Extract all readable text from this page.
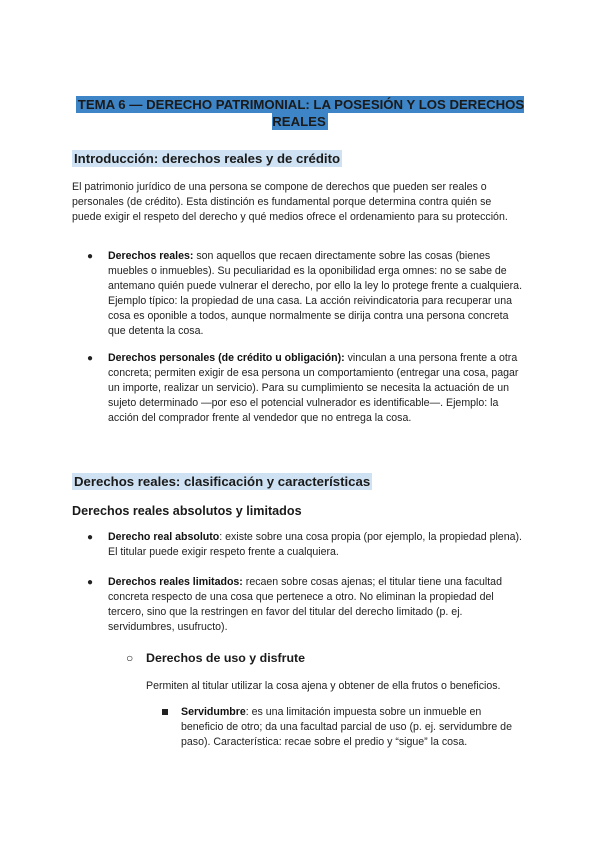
TEMA 6 — DERECHO PATRIMONIAL: LA POSESIÓN Y LOS DERECHOS REALES
Introducción: derechos reales y de crédito
El patrimonio jurídico de una persona se compone de derechos que pueden ser reales o personales (de crédito). Esta distinción es fundamental porque determina contra quién se puede exigir el respeto del derecho y qué medios ofrece el ordenamiento para su protección.
● Derechos reales: son aquellos que recaen directamente sobre las cosas (bienes muebles o inmuebles). Su peculiaridad es la oponibilidad erga omnes: no se sabe de antemano quién puede vulnerar el derecho, por ello la ley lo protege frente a cualquiera. Ejemplo típico: la propiedad de una casa. La acción reivindicatoria para recuperar una cosa es oponible a todos, aunque normalmente se dirija contra una persona concreta que detenta la cosa.
● Derechos personales (de crédito u obligación): vinculan a una persona frente a otra concreta; permiten exigir de esa persona un comportamiento (entregar una cosa, pagar un importe, realizar un servicio). Para su cumplimiento se necesita la actuación de un sujeto determinado —por eso el potencial vulnerador es identificable—. Ejemplo: la acción del comprador frente al vendedor que no entrega la cosa.
Derechos reales: clasificación y características
Derechos reales absolutos y limitados
● Derecho real absoluto: existe sobre una cosa propia (por ejemplo, la propiedad plena). El titular puede exigir respeto frente a cualquiera.
● Derechos reales limitados: recaen sobre cosas ajenas; el titular tiene una facultad concreta respecto de una cosa que pertenece a otro. No eliminan la propiedad del tercero, sino que la restringen en favor del titular del derecho limitado (p. ej. servidumbres, usufructo).
○ Derechos de uso y disfrute
Permiten al titular utilizar la cosa ajena y obtener de ella frutos o beneficios.
Servidumbre: es una limitación impuesta sobre un inmueble en beneficio de otro; da una facultad parcial de uso (p. ej. servidumbre de paso). Característica: recae sobre el predio y “sigue” la cosa.
